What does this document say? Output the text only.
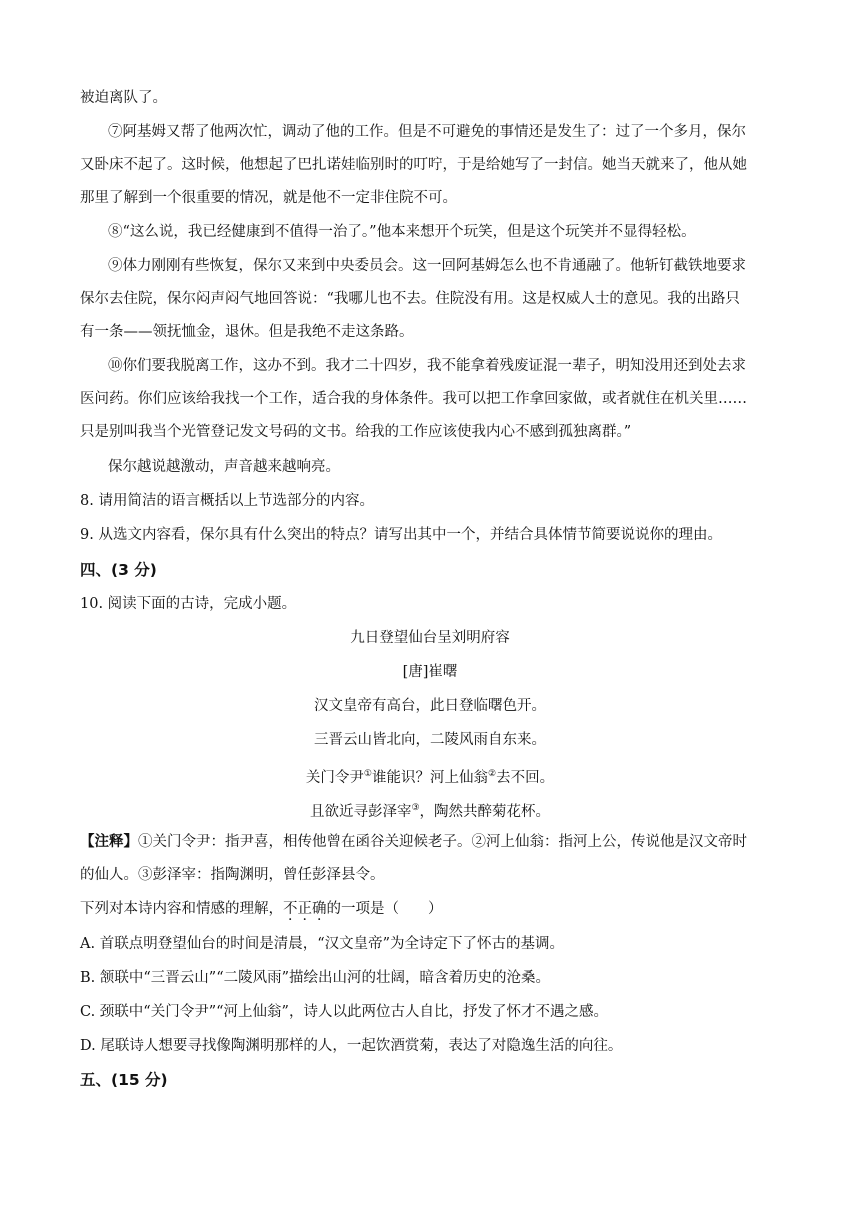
被迫离队了。
⑦阿基姆又帮了他两次忙，调动了他的工作。但是不可避免的事情还是发生了：过了一个多月，保尔
又卧床不起了。这时候，他想起了巴扎诺娃临别时的叮咛，于是给她写了一封信。她当天就来了，他从她
那里了解到一个很重要的情况，就是他不一定非住院不可。
⑧“这么说，我已经健康到不值得一治了。”他本来想开个玩笑，但是这个玩笑并不显得轻松。
⑨体力刚刚有些恢复，保尔又来到中央委员会。这一回阿基姆怎么也不肯通融了。他斩钉截铁地要求
保尔去住院，保尔闷声闷气地回答说：“我哪儿也不去。住院没有用。这是权威人士的意见。我的出路只
有一条——领抚恤金，退休。但是我绝不走这条路。
⑩你们要我脱离工作，这办不到。我才二十四岁，我不能拿着残废证混一辈子，明知没用还到处去求
医问药。你们应该给我找一个工作，适合我的身体条件。我可以把工作拿回家做，或者就住在机关里……
只是别叫我当个光管登记发文号码的文书。给我的工作应该使我内心不感到孤独离群。”
保尔越说越激动，声音越来越响亮。
8. 请用简洁的语言概括以上节选部分的内容。
9. 从选文内容看，保尔具有什么突出的特点？请写出其中一个，并结合具体情节简要说说你的理由。
四、(3 分)
10. 阅读下面的古诗，完成小题。
九日登望仙台呈刘明府容
[唐]崔曙
汉文皇帝有高台，此日登临曙色开。
三晋云山皆北向，二陵风雨自东来。
关门令尹①谁能识？河上仙翁②去不回。
且欲近寻彭泽宰③，陶然共醉菊花杯。
【注释】①关门令尹：指尹喜，相传他曾在函谷关迎候老子。②河上仙翁：指河上公，传说他是汉文帝时
的仙人。③彭泽宰：指陶渊明，曾任彭泽县令。
下列对本诗内容和情感的理解，不正确的一项是（　　）
A. 首联点明登望仙台的时间是清晨，“汉文皇帝”为全诗定下了怀古的基调。
B. 颔联中“三晋云山”“二陵风雨”描绘出山河的壮阔，暗含着历史的沧桑。
C. 颈联中“关门令尹”“河上仙翁”，诗人以此两位古人自比，抒发了怀才不遇之感。
D. 尾联诗人想要寻找像陶渊明那样的人，一起饮酒赏菊，表达了对隐逸生活的向往。
五、(15 分)
